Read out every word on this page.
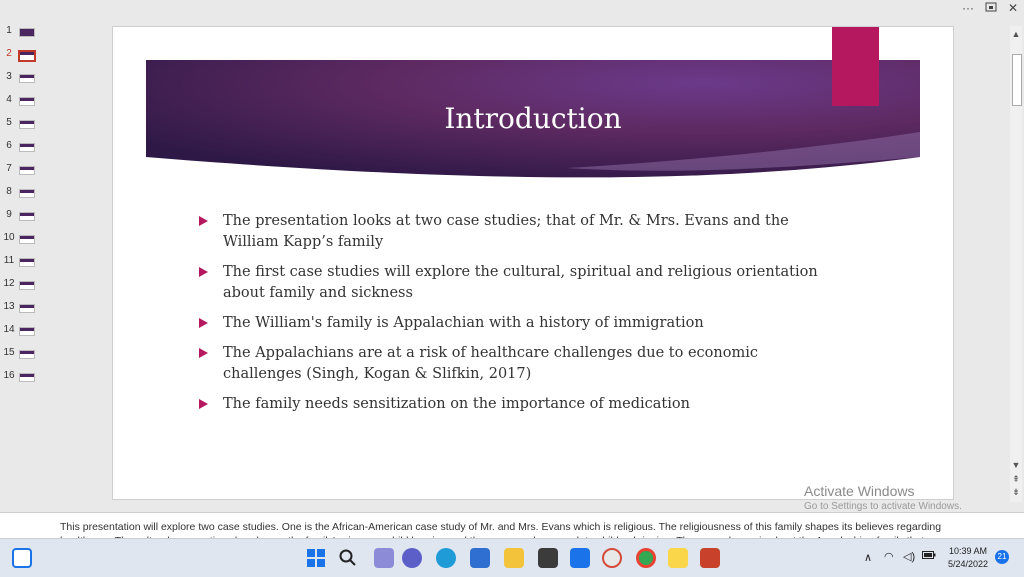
···	✕
1
2
3
4
5
6
7
8
9
10
11
12
13
14
15
16
Introduction
The presentation looks at two case studies; that of Mr. & Mrs. Evans and the William Kapp’s family
The first case studies will explore the cultural, spiritual and religious orientation about family and sickness
The William's family is Appalachian with a history of immigration
The Appalachians are at a risk of healthcare challenges due to economic challenges (Singh, Kogan & Slifkin, 2017)
The family needs sensitization on the importance of medication
▲
▼
⇞
⇟
Activate Windows
Go to Settings to activate Windows.
This presentation will explore two case studies. One is the African-American case study of Mr. and Mrs. Evans which is religious. The religiousness of this family shapes its believes regarding
∧ ◠ ◁)	10:39 AM
5/24/2022
21
